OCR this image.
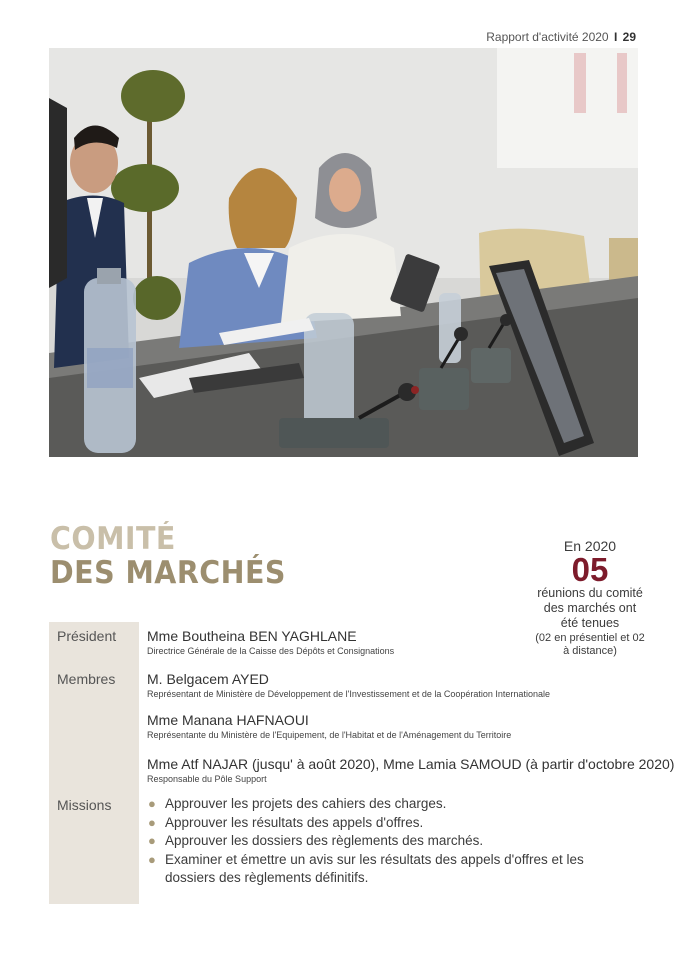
Rapport d'activité 2020 I 29
COMITÉ
DES MARCHÉS
En 2020
05
réunions du comité des marchés ont été tenues
(02 en présentiel et 02 à distance)
Président
Membres
Missions
Mme Boutheina BEN YAGHLANE
Directrice Générale de la Caisse des Dépôts et Consignations
M. Belgacem AYED
Représentant de Ministère de Développement de l'Investissement et de la Coopération Internationale
Mme Manana HAFNAOUI
Représentante du Ministère de l'Equipement, de l'Habitat et de l'Aménagement du Territoire
Mme Atf NAJAR (jusqu' à août 2020), Mme Lamia SAMOUD (à partir d'octobre 2020)
Responsable du Pôle Support
● Approuver les projets des cahiers des charges.
● Approuver les résultats des appels d'offres.
● Approuver les dossiers des règlements des marchés.
● Examiner et émettre un avis sur les résultats des appels d'offres et les dossiers des règlements définitifs.
